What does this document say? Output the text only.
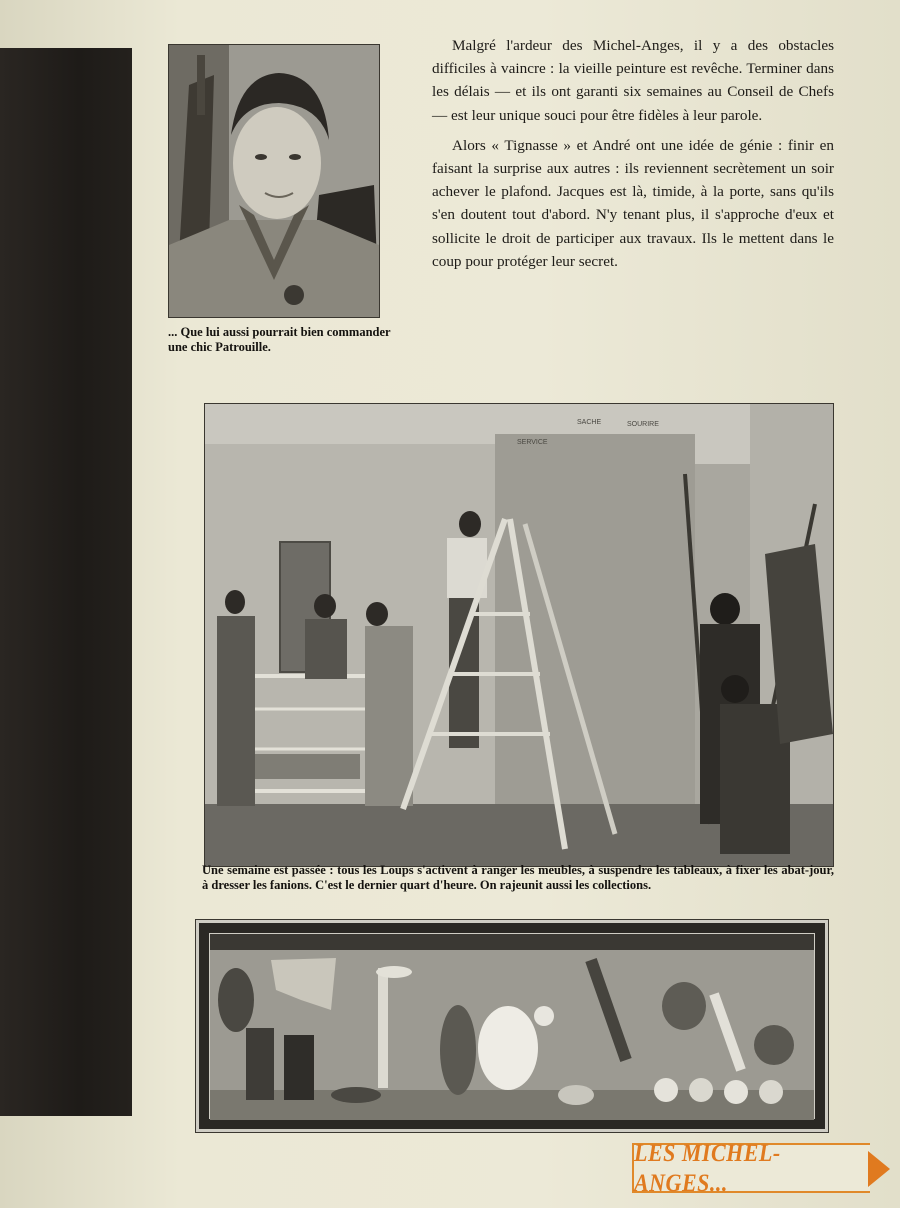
... Que lui aussi pourrait bien commander une chic Patrouille.

Malgré l'ardeur des Michel-Anges, il y a des obstacles difficiles à vaincre : la vieille peinture est revêche. Terminer dans les délais — et ils ont garanti six semaines au Conseil de Chefs — est leur unique souci pour être fidèles à leur parole.

Alors « Tignasse » et André ont une idée de génie : finir en faisant la surprise aux autres : ils reviennent secrètement un soir achever le plafond. Jacques est là, timide, à la porte, sans qu'ils s'en doutent tout d'abord. N'y tenant plus, il s'approche d'eux et sollicite le droit de participer aux travaux. Ils le mettent dans le coup pour protéger leur secret.

SERVICE
SACHE	SOURIRE
Une semaine est passée : tous les Loups s'activent à ranger les meubles, à suspendre les tableaux, à fixer les abat-jour, à dresser les fanions. C'est le dernier quart d'heure. On rajeunit aussi les collections.
LES MICHEL-ANGES...
